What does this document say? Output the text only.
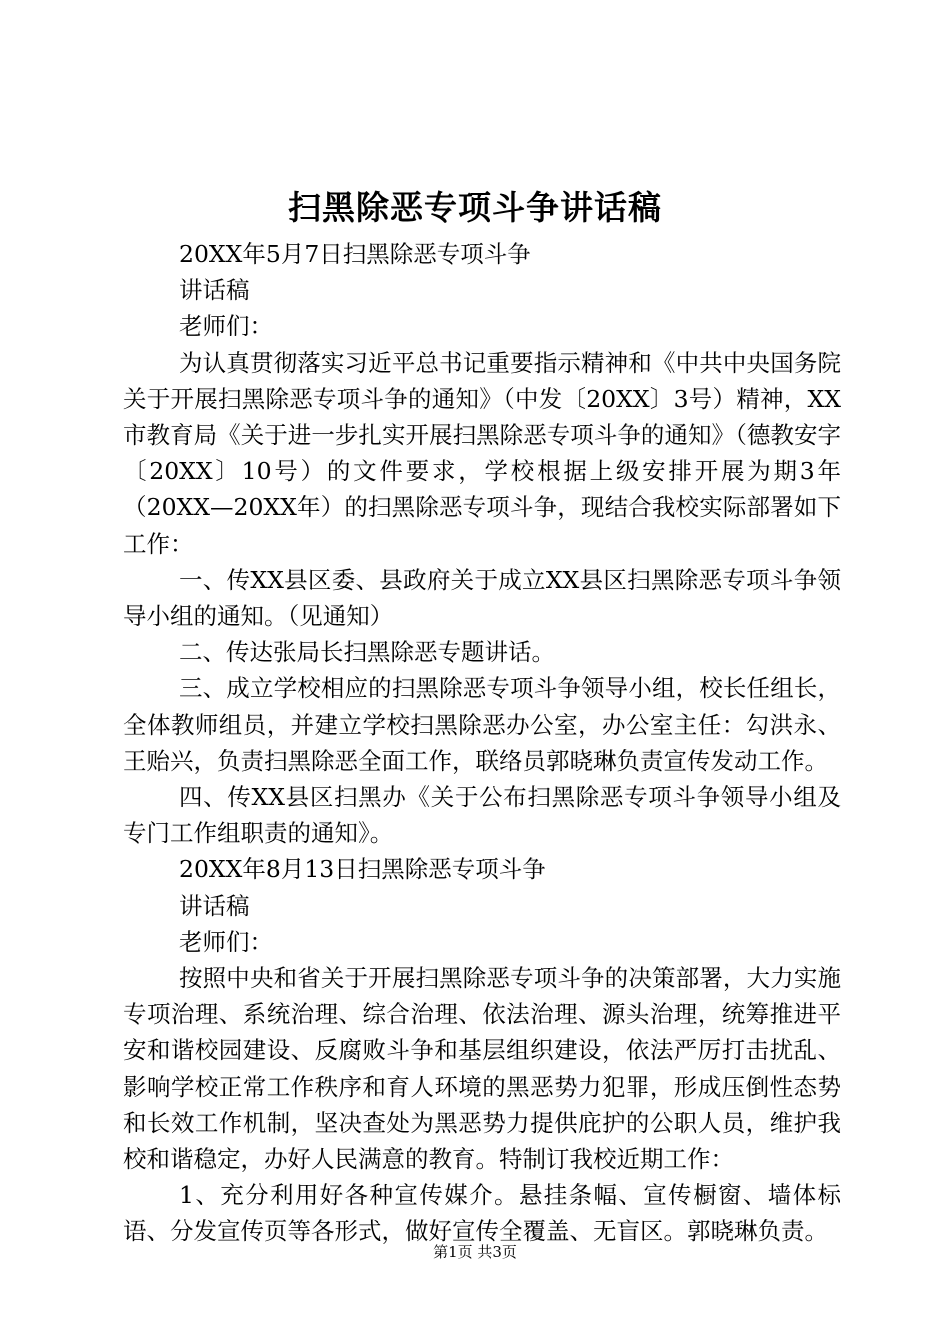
扫黑除恶专项斗争讲话稿

20XX年5月7日扫黑除恶专项斗争

讲话稿

老师们：

为认真贯彻落实习近平总书记重要指示精神和《中共中央国务院关于开展扫黑除恶专项斗争的通知》（中发〔20XX〕3号）精神，XX市教育局《关于进一步扎实开展扫黑除恶专项斗争的通知》（德教安字〔20XX〕10号）的文件要求，学校根据上级安排开展为期3年（20XX—20XX年）的扫黑除恶专项斗争，现结合我校实际部署如下工作：

一、传XX县区委、县政府关于成立XX县区扫黑除恶专项斗争领导小组的通知。（见通知）

二、传达张局长扫黑除恶专题讲话。

三、成立学校相应的扫黑除恶专项斗争领导小组，校长任组长，全体教师组员，并建立学校扫黑除恶办公室，办公室主任：勾洪永、王贻兴，负责扫黑除恶全面工作，联络员郭晓琳负责宣传发动工作。

四、传XX县区扫黑办《关于公布扫黑除恶专项斗争领导小组及专门工作组职责的通知》。

20XX年8月13日扫黑除恶专项斗争

讲话稿

老师们：

按照中央和省关于开展扫黑除恶专项斗争的决策部署，大力实施专项治理、系统治理、综合治理、依法治理、源头治理，统筹推进平安和谐校园建设、反腐败斗争和基层组织建设，依法严厉打击扰乱、影响学校正常工作秩序和育人环境的黑恶势力犯罪，形成压倒性态势和长效工作机制，坚决查处为黑恶势力提供庇护的公职人员，维护我校和谐稳定，办好人民满意的教育。特制订我校近期工作：

1、充分利用好各种宣传媒介。悬挂条幅、宣传橱窗、墙体标语、分发宣传页等各形式，做好宣传全覆盖、无盲区。郭晓琳负责。

第1页 共3页
